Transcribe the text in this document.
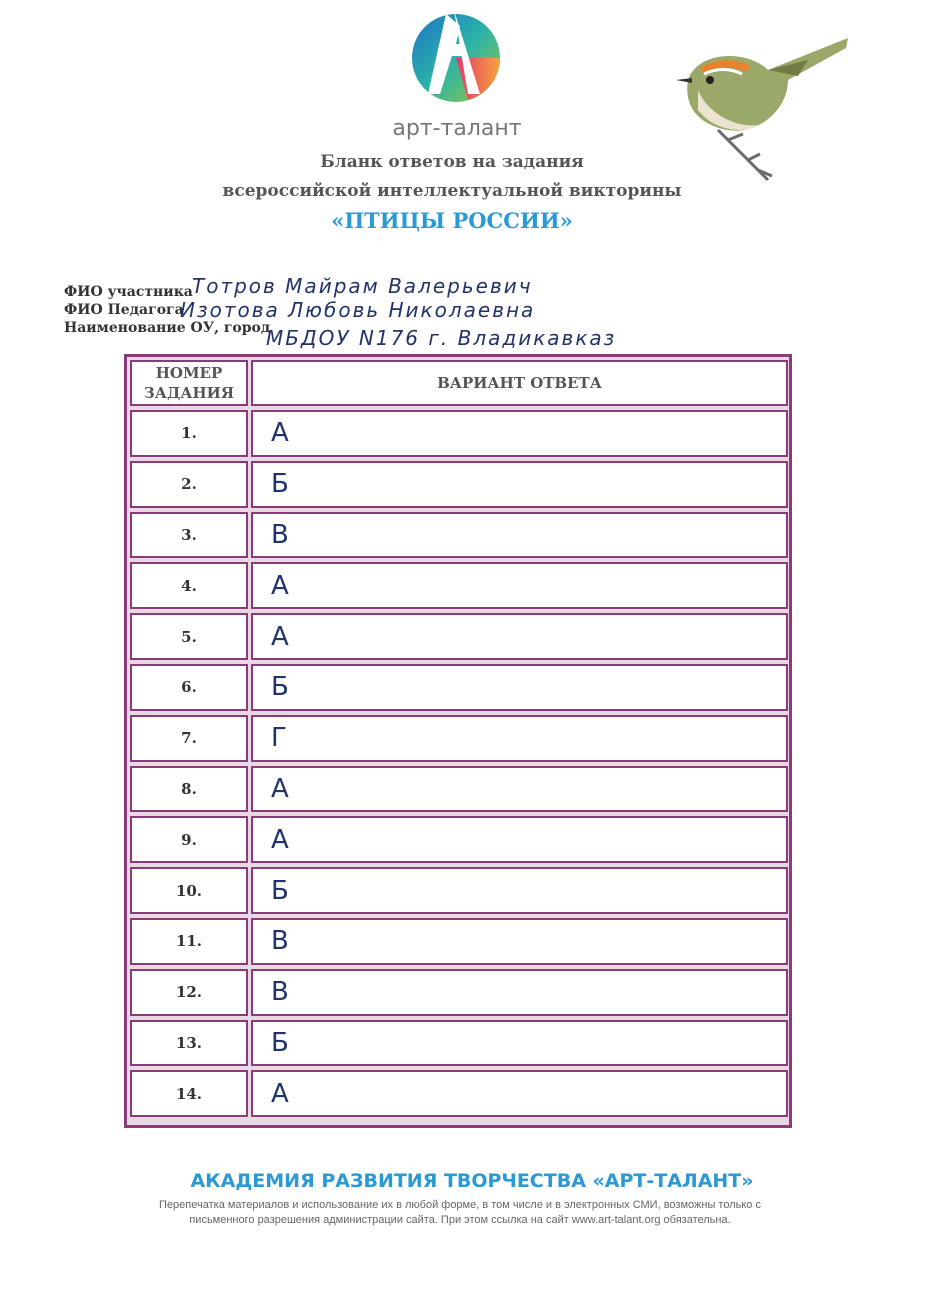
арт-талант
Бланк ответов на задания
всероссийской интеллектуальной викторины
«ПТИЦЫ РОССИИ»
ФИО участника Тотров Майрам Валерьевич
ФИО Педагога
Изотова Любовь Николаевна
Наименование ОУ, город
МБДОУ N176 г. Владикавказ
НОМЕР ЗАДАНИЯ
ВАРИАНТ ОТВЕТА
1.	А
2.	Б
3.	В
4.	А
5.	А
6.	Б
7.	Г
8.	А
9.	А
10.	Б
11.	В
12.	В
13.	Б
14.	А
АКАДЕМИЯ РАЗВИТИЯ ТВОРЧЕСТВА «АРТ-ТАЛАНТ»
Перепечатка материалов и использование их в любой форме, в том числе и в электронных СМИ, возможны только с
письменного разрешения администрации сайта. При этом ссылка на сайт www.art-talant.org обязательна.
